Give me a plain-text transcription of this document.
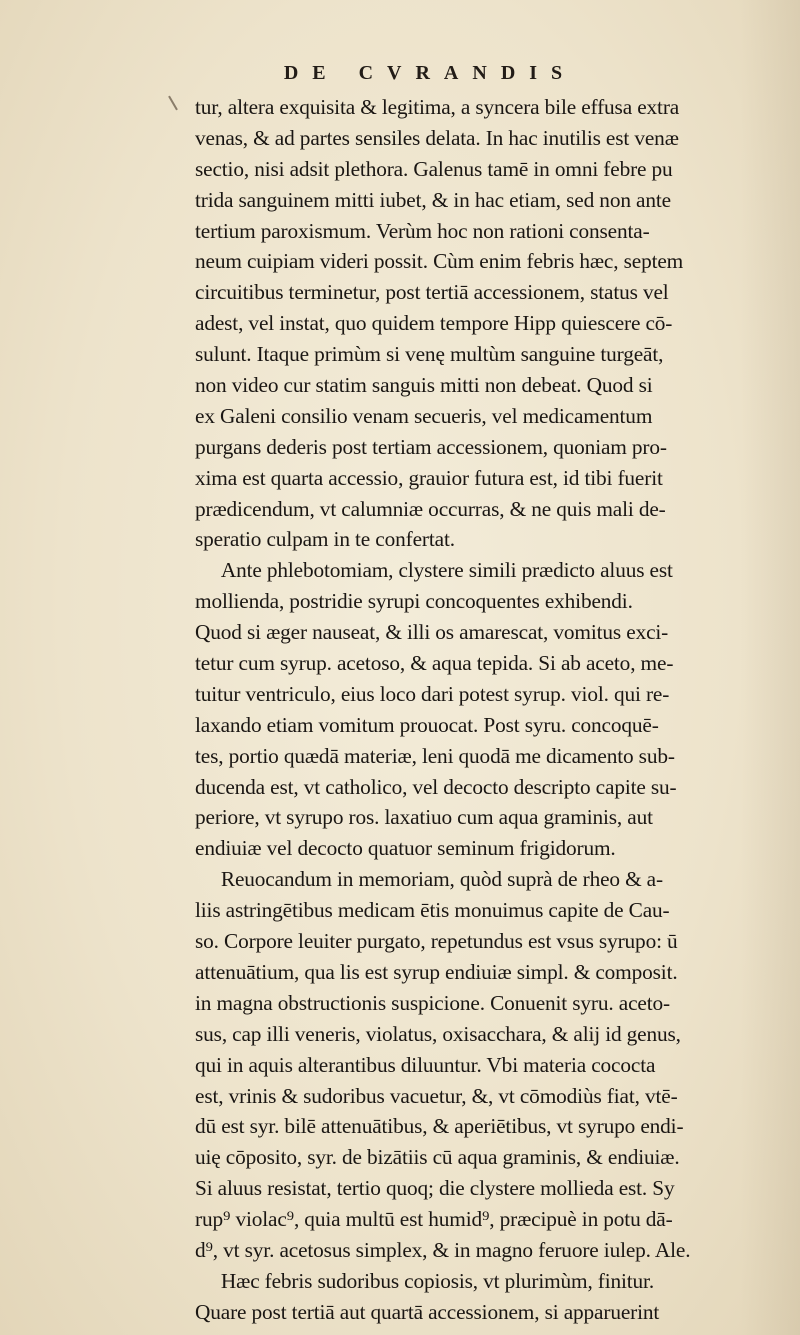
DE CVRANDIS
tur, altera exquisita & legitima, a syncera bile effusa extra
venas, & ad partes sensiles delata. In hac inutilis est venæ
sectio, nisi adsit plethora. Galenus tamē in omni febre pu
trida sanguinem mitti iubet, & in hac etiam, sed non ante
tertium paroxismum. Verùm hoc non rationi consenta-
neum cuipiam videri possit. Cùm enim febris hæc, septem
circuitibus terminetur, post tertiā accessionem, status vel
adest, vel instat, quo quidem tempore Hipp quiescere cō-
sulunt. Itaque primùm si venę multùm sanguine turgeāt,
non video cur statim sanguis mitti non debeat. Quod si
ex Galeni consilio venam secueris, vel medicamentum
purgans dederis post tertiam accessionem, quoniam pro-
xima est quarta accessio, grauior futura est, id tibi fuerit
prædicendum, vt calumniæ occurras, & ne quis mali de-
speratio culpam in te confertat.
Ante phlebotomiam, clystere simili prædicto aluus est
mollienda, postridie syrupi concoquentes exhibendi.
Quod si æger nauseat, & illi os amarescat, vomitus exci-
tetur cum syrup. acetoso, & aqua tepida. Si ab aceto, me-
tuitur ventriculo, eius loco dari potest syrup. viol. qui re-
laxando etiam vomitum prouocat. Post syru. concoquē-
tes, portio quædā materiæ, leni quodā me dicamento sub-
ducenda est, vt catholico, vel decocto descripto capite su-
periore, vt syrupo ros. laxatiuo cum aqua graminis, aut
endiuiæ vel decocto quatuor seminum frigidorum.
Reuocandum in memoriam, quòd suprà de rheo & a-
liis astringētibus medicam ētis monuimus capite de Cau-
so. Corpore leuiter purgato, repetundus est vsus syrupo: ū
attenuātium, qua lis est syrup endiuiæ simpl. & composit.
in magna obstructionis suspicione. Conuenit syru. aceto-
sus, cap illi veneris, violatus, oxisacchara, & alij id genus,
qui in aquis alterantibus diluuntur. Vbi materia cococta
est, vrinis & sudoribus vacuetur, &, vt cōmodiùs fiat, vtē-
dū est syr. bilē attenuātibus, & aperiētibus, vt syrupo endi-
uię cōposito, syr. de bizātiis cū aqua graminis, & endiuiæ.
Si aluus resistat, tertio quoq; die clystere mollieda est. Sy
rup⁹ violac⁹, quia multū est humid⁹, præcipuè in potu dā-
d⁹, vt syr. acetosus simplex, & in magno feruore iulep. Ale.
Hæc febris sudoribus copiosis, vt plurimùm, finitur.
Quare post tertiā aut quartā accessionem, si apparuerint
